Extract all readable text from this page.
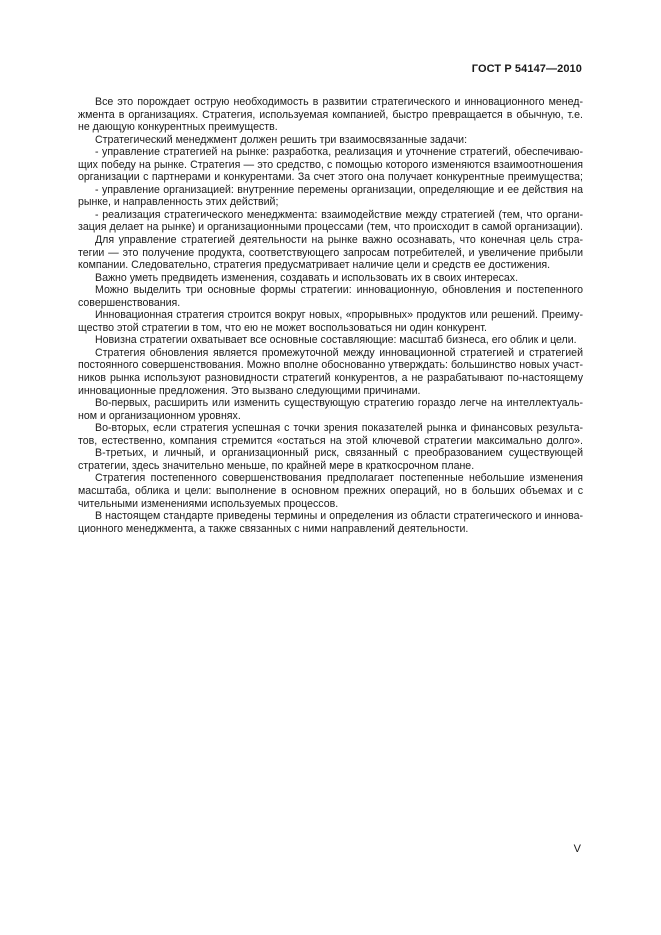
ГОСТ Р 54147—2010
Все это порождает острую необходимость в развитии стратегического и инновационного менед-
жмента в организациях. Стратегия, используемая компанией, быстро превращается в обычную, т.е.
не дающую конкурентных преимуществ.
Стратегический менеджмент должен решить три взаимосвязанные задачи:
- управление стратегией на рынке: разработка, реализация и уточнение стратегий, обеспечиваю-
щих победу на рынке. Стратегия — это средство, с помощью которого изменяются взаимоотношения
организации с партнерами и конкурентами. За счет этого она получает конкурентные преимущества;
- управление организацией: внутренние перемены организации, определяющие и ее действия на
рынке, и направленность этих действий;
- реализация стратегического менеджмента: взаимодействие между стратегией (тем, что органи-
зация делает на рынке) и организационными процессами (тем, что происходит в самой организации).
Для управление стратегией деятельности на рынке важно осознавать, что конечная цель стра-
тегии — это получение продукта, соответствующего запросам потребителей, и увеличение прибыли
компании. Следовательно, стратегия предусматривает наличие цели и средств ее достижения.
Важно уметь предвидеть изменения, создавать и использовать их в своих интересах.
Можно выделить три основные формы стратегии: инновационную, обновления и постепенного
совершенствования.
Инновационная стратегия строится вокруг новых, «прорывных» продуктов или решений. Преиму-
щество этой стратегии в том, что ею не может воспользоваться ни один конкурент.
Новизна стратегии охватывает все основные составляющие: масштаб бизнеса, его облик и цели.
Стратегия обновления является промежуточной между инновационной стратегией и стратегией
постоянного совершенствования. Можно вполне обоснованно утверждать: большинство новых участ-
ников рынка используют разновидности стратегий конкурентов, а не разрабатывают по-настоящему
инновационные предложения. Это вызвано следующими причинами.
Во-первых, расширить или изменить существующую стратегию гораздо легче на интеллектуаль-
ном и организационном уровнях.
Во-вторых, если стратегия успешная с точки зрения показателей рынка и финансовых результа-
тов, естественно, компания стремится «остаться на этой ключевой стратегии максимально долго».
В-третьих, и личный, и организационный риск, связанный с преобразованием существующей
стратегии, здесь значительно меньше, по крайней мере в краткосрочном плане.
Стратегия постепенного совершенствования предполагает постепенные небольшие изменения
масштаба, облика и цели: выполнение в основном прежних операций, но в больших объемах и с
чительными изменениями используемых процессов.
В настоящем стандарте приведены термины и определения из области стратегического и иннова-
ционного менеджмента, а также связанных с ними направлений деятельности.
V
